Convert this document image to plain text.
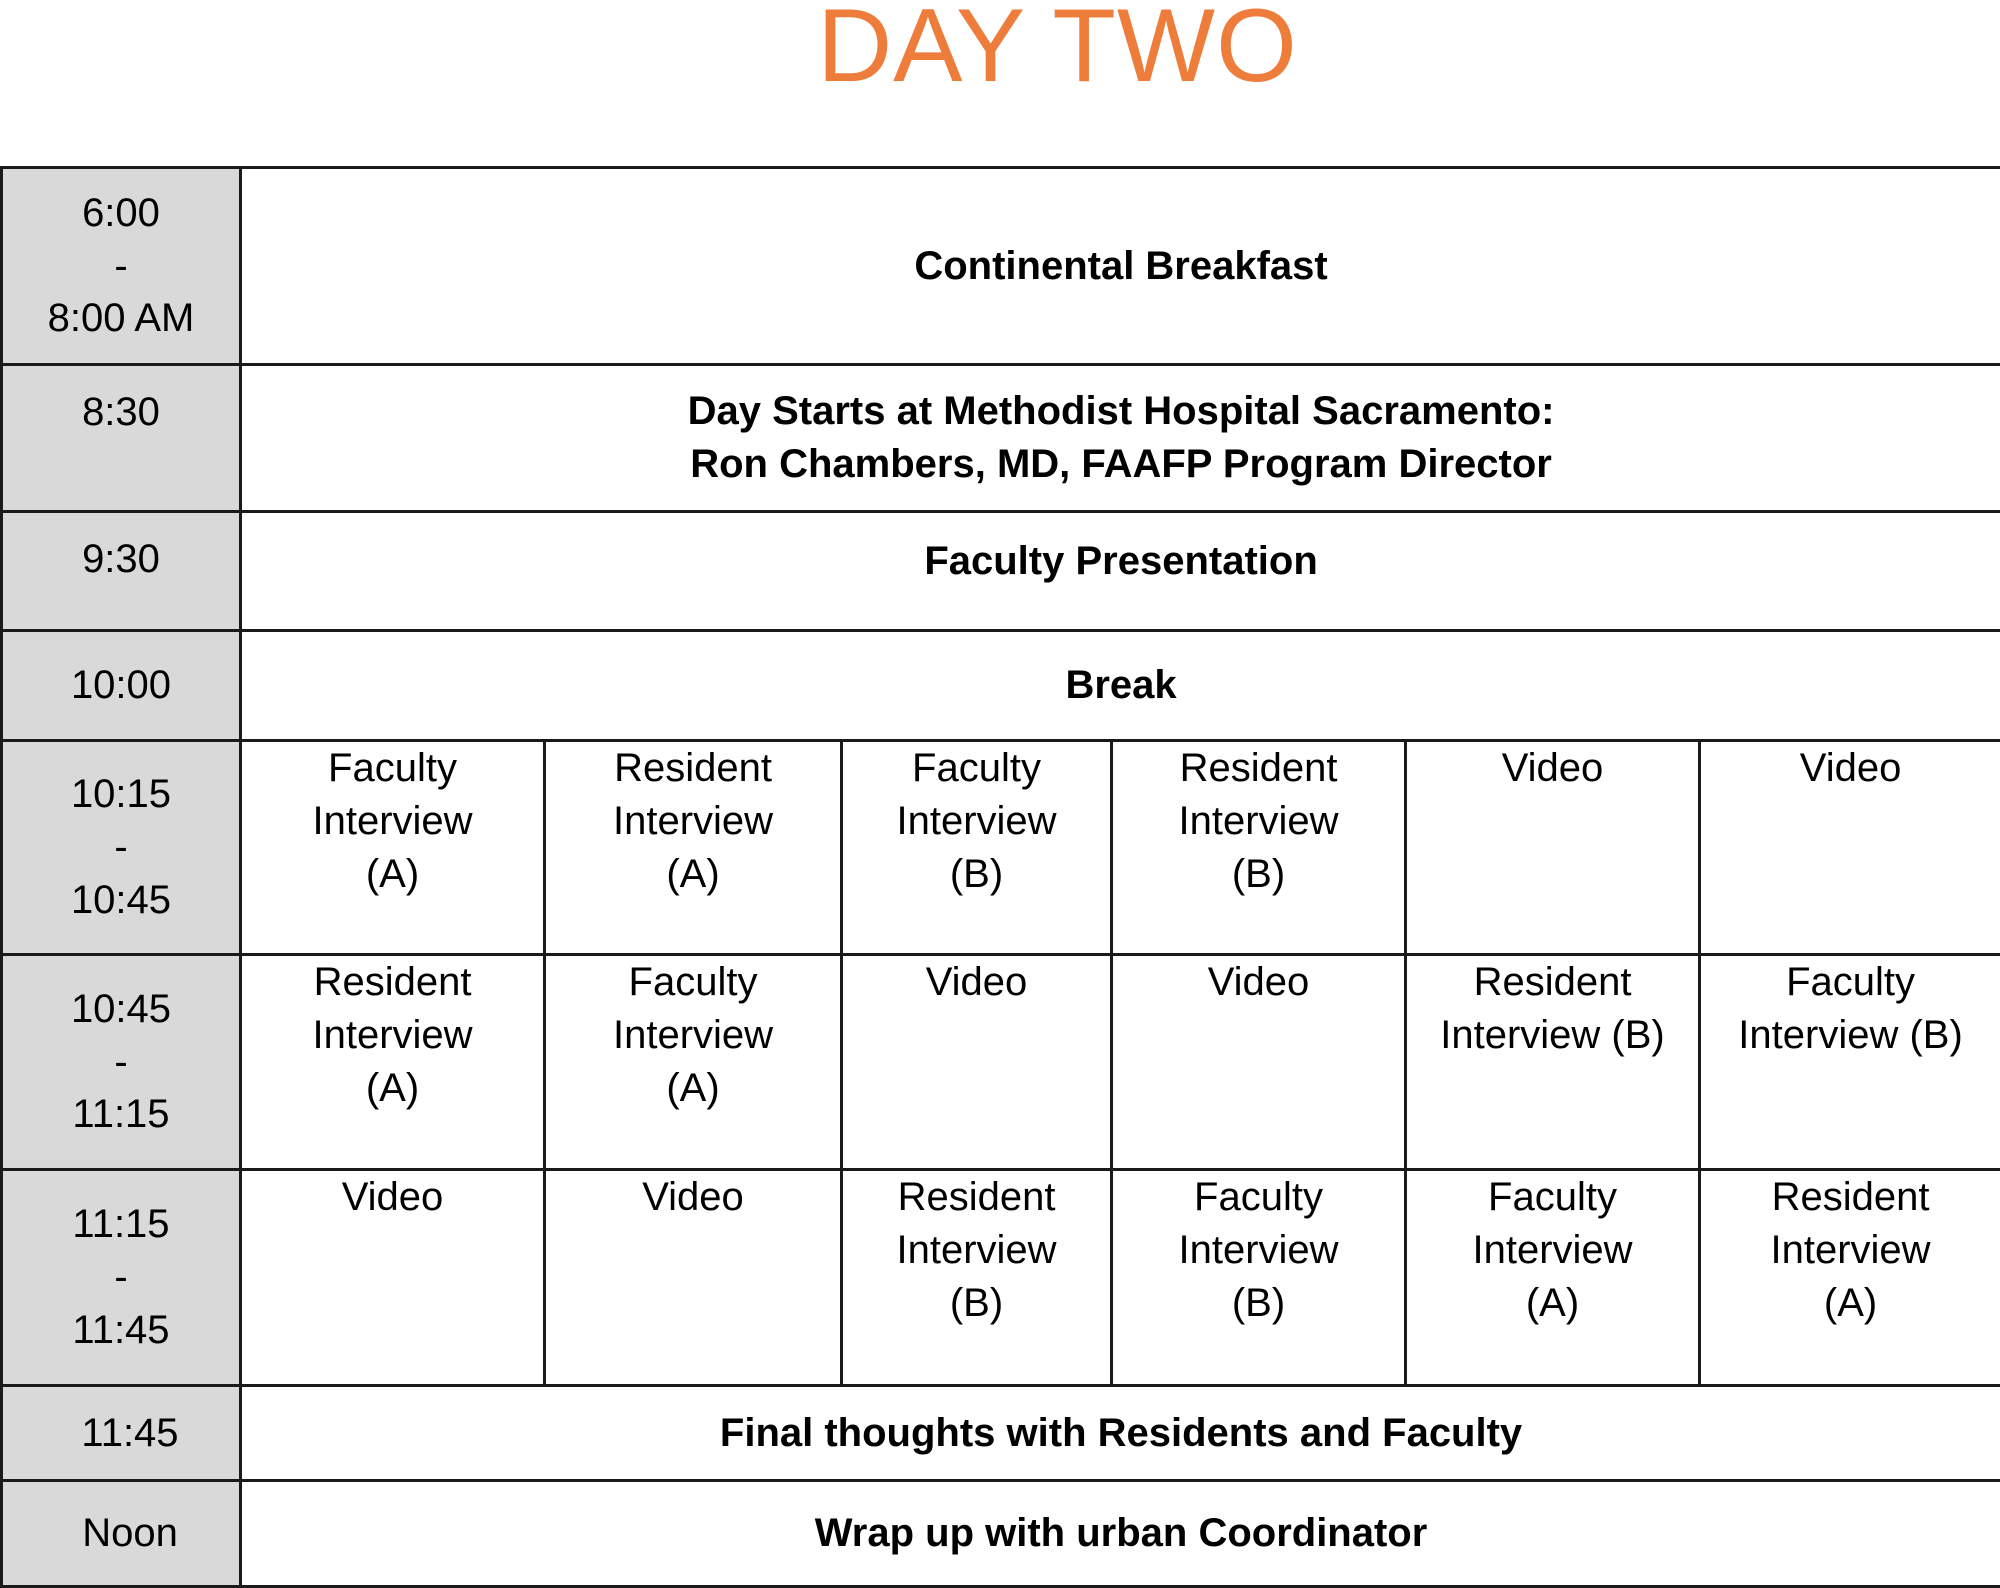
DAY TWO
6:00
-
8:00 AM	Continental Breakfast					

8:30	Day Starts at Methodist Hospital Sacramento:
Ron Chambers, MD, FAAFP Program Director					

9:30	Faculty Presentation					

10:00	Break					

10:15
-
10:45	Faculty
Interview
(A)	Resident
Interview
(A)	Faculty
Interview
(B)	Resident
Interview
(B)	Video	Video

10:45
-
11:15	Resident
Interview
(A)	Faculty
Interview
(A)	Video	Video	Resident
Interview (B)	Faculty
Interview (B)

11:15
-
11:45	Video	Video	Resident
Interview
(B)	Faculty
Interview
(B)	Faculty
Interview
(A)	Resident
Interview
(A)

11:45	Final thoughts with Residents and Faculty					

Noon	Wrap up with urban Coordinator					
